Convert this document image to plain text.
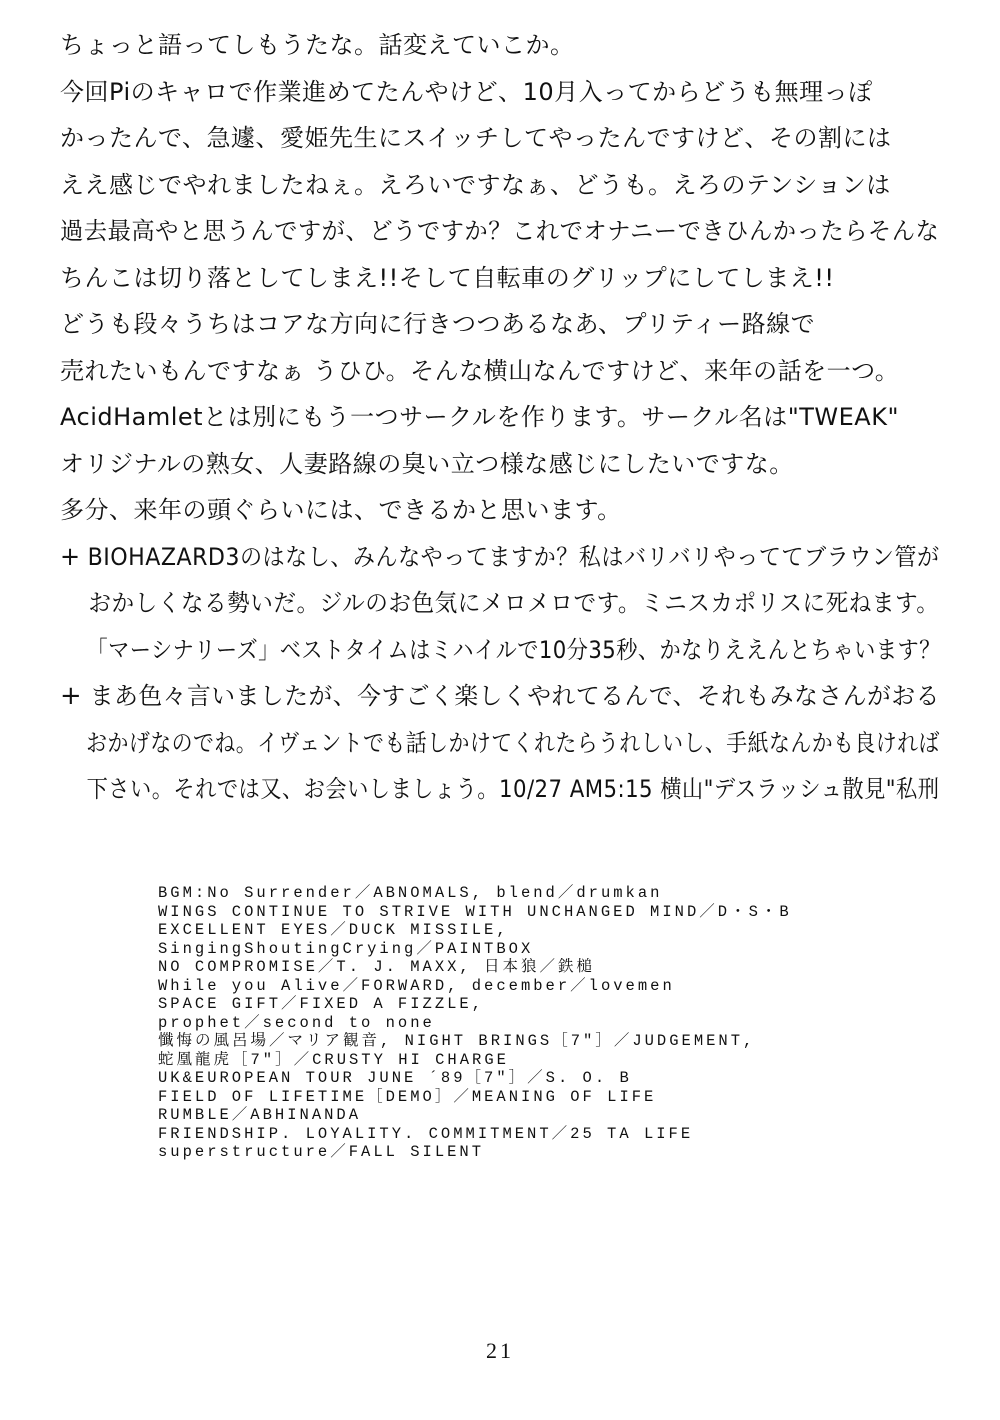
ちょっと語ってしもうたな。話変えていこか。
今回Piのキャロで作業進めてたんやけど、10月入ってからどうも無理っぽ
かったんで、急遽、愛姫先生にスイッチしてやったんですけど、その割には
ええ感じでやれましたねぇ。えろいですなぁ、どうも。えろのテンションは
過去最高やと思うんですが、どうですか？これでオナニーできひんかったらそんな
ちんこは切り落としてしまえ!!そして自転車のグリップにしてしまえ!!
どうも段々うちはコアな方向に行きつつあるなあ、プリティー路線で
売れたいもんですなぁ うひひ。そんな横山なんですけど、来年の話を一つ。
AcidHamletとは別にもう一つサークルを作ります。サークル名は"TWEAK"
オリジナルの熟女、人妻路線の臭い立つ様な感じにしたいですな。
多分、来年の頭ぐらいには、できるかと思います。
+ BIOHAZARD3のはなし、みんなやってますか？私はバリバリやっててブラウン管が
おかしくなる勢いだ。ジルのお色気にメロメロです。ミニスカポリスに死ねます。
「マーシナリーズ」ベストタイムはミハイルで10分35秒、かなりええんとちゃいます？
+ まあ色々言いましたが、今すごく楽しくやれてるんで、それもみなさんがおる
おかげなのでね。イヴェントでも話しかけてくれたらうれしいし、手紙なんかも良ければ
下さい。それでは又、お会いしましょう。10/27 AM5:15 横山"デスラッシュ散見"私刑
BGM:No Surrender／ABNOMALS, blend／drumkan
WINGS CONTINUE TO STRIVE WITH UNCHANGED MIND／D・S・B
EXCELLENT EYES／DUCK MISSILE,
SingingShoutingCrying／PAINTBOX
NO COMPROMISE／T. J. MAXX, 日本狼／鉄槌
While you Alive／FORWARD, december／lovemen
SPACE GIFT／FIXED A FIZZLE,
prophet／second to none
懺悔の風呂場／マリア観音, NIGHT BRINGS［7″］／JUDGEMENT,
蛇凰龍虎［7″］／CRUSTY HI CHARGE
UK&EUROPEAN TOUR JUNE ´89［7″］／S. O. B
FIELD OF LIFETIME［DEMO］／MEANING OF LIFE
RUMBLE／ABHINANDA
FRIENDSHIP. LOYALITY. COMMITMENT／25 TA LIFE
superstructure／FALL SILENT
21
